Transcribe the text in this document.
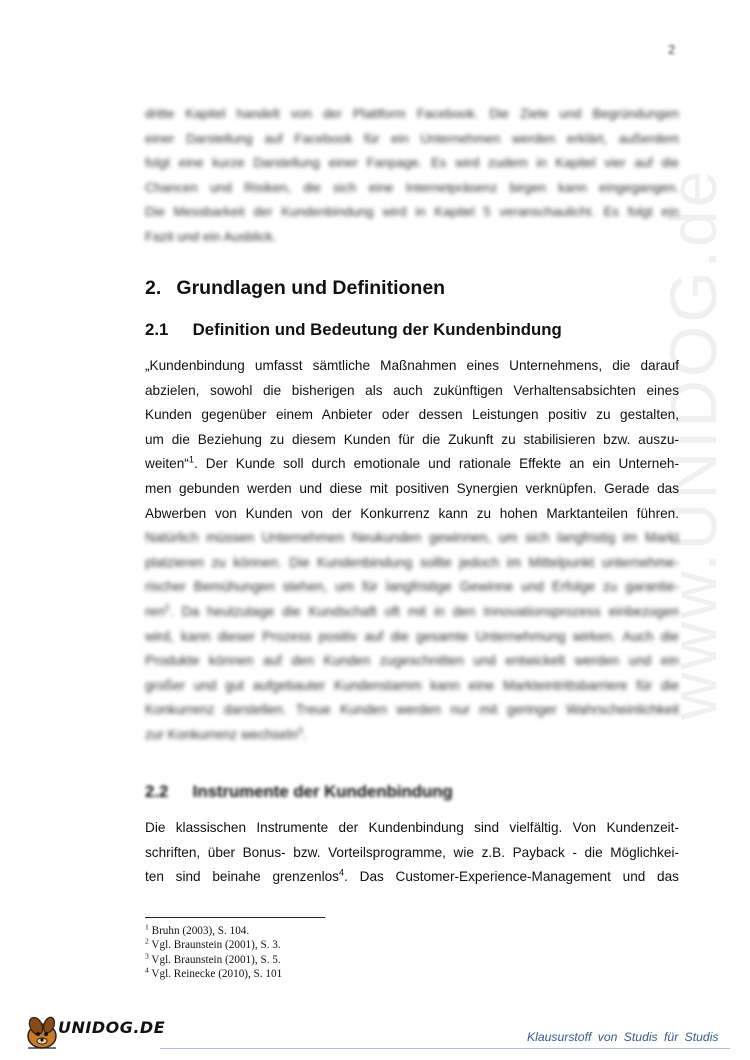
www.UNIDOG.de
2
dritte Kapitel handelt von der Plattform Facebook. Die Ziele und Begründungen
einer Darstellung auf Facebook für ein Unternehmen werden erklärt, außerdem
folgt eine kurze Darstellung einer Fanpage. Es wird zudem in Kapitel vier auf die
Chancen und Risiken, die sich eine Internetpräsenz birgen kann eingegangen.
Die Messbarkeit der Kundenbindung wird in Kapitel 5 veranschaulicht. Es folgt ein
Fazit und ein Ausblick.
2. Grundlagen und Definitionen
2.1 Definition und Bedeutung der Kundenbindung
„Kundenbindung umfasst sämtliche Maßnahmen eines Unternehmens, die darauf
abzielen, sowohl die bisherigen als auch zukünftigen Verhaltensabsichten eines
Kunden gegenüber einem Anbieter oder dessen Leistungen positiv zu gestalten,
um die Beziehung zu diesem Kunden für die Zukunft zu stabilisieren bzw. auszu-
weiten“$^1$. Der Kunde soll durch emotionale und rationale Effekte an ein Unterneh-
men gebunden werden und diese mit positiven Synergien verknüpfen. Gerade das
Abwerben von Kunden von der Konkurrenz kann zu hohen Marktanteilen führen.
Natürlich müssen Unternehmen Neukunden gewinnen, um sich langfristig im Markt
platzieren zu können. Die Kundenbindung sollte jedoch im Mittelpunkt unternehme-
rischer Bemühungen stehen, um für langfristige Gewinne und Erfolge zu garantie-
ren$^2$. Da heutzutage die Kundschaft oft mit in den Innovationsprozess einbezogen
wird, kann dieser Prozess positiv auf die gesamte Unternehmung wirken. Auch die
Produkte können auf den Kunden zugeschnitten und entwickelt werden und ein
großer und gut aufgebauter Kundenstamm kann eine Markteintrittsbarriere für die
Konkurrenz darstellen. Treue Kunden werden nur mit geringer Wahrscheinlichkeit
zur Konkurrenz wechseln$^3$.
2.2 Instrumente der Kundenbindung
Die klassischen Instrumente der Kundenbindung sind vielfältig. Von Kundenzeit-
schriften, über Bonus- bzw. Vorteilsprogramme, wie z.B. Payback - die Möglichkei-
ten sind beinahe grenzenlos$^4$. Das Customer-Experience-Management und das
$^1$ Bruhn (2003), S. 104.
$^2$ Vgl. Braunstein (2001), S. 3.
$^3$ Vgl. Braunstein (2001), S. 5.
$^4$ Vgl. Reinecke (2010), S. 101
UNIDOG.DE	Klausurstoff von Studis für Studis
